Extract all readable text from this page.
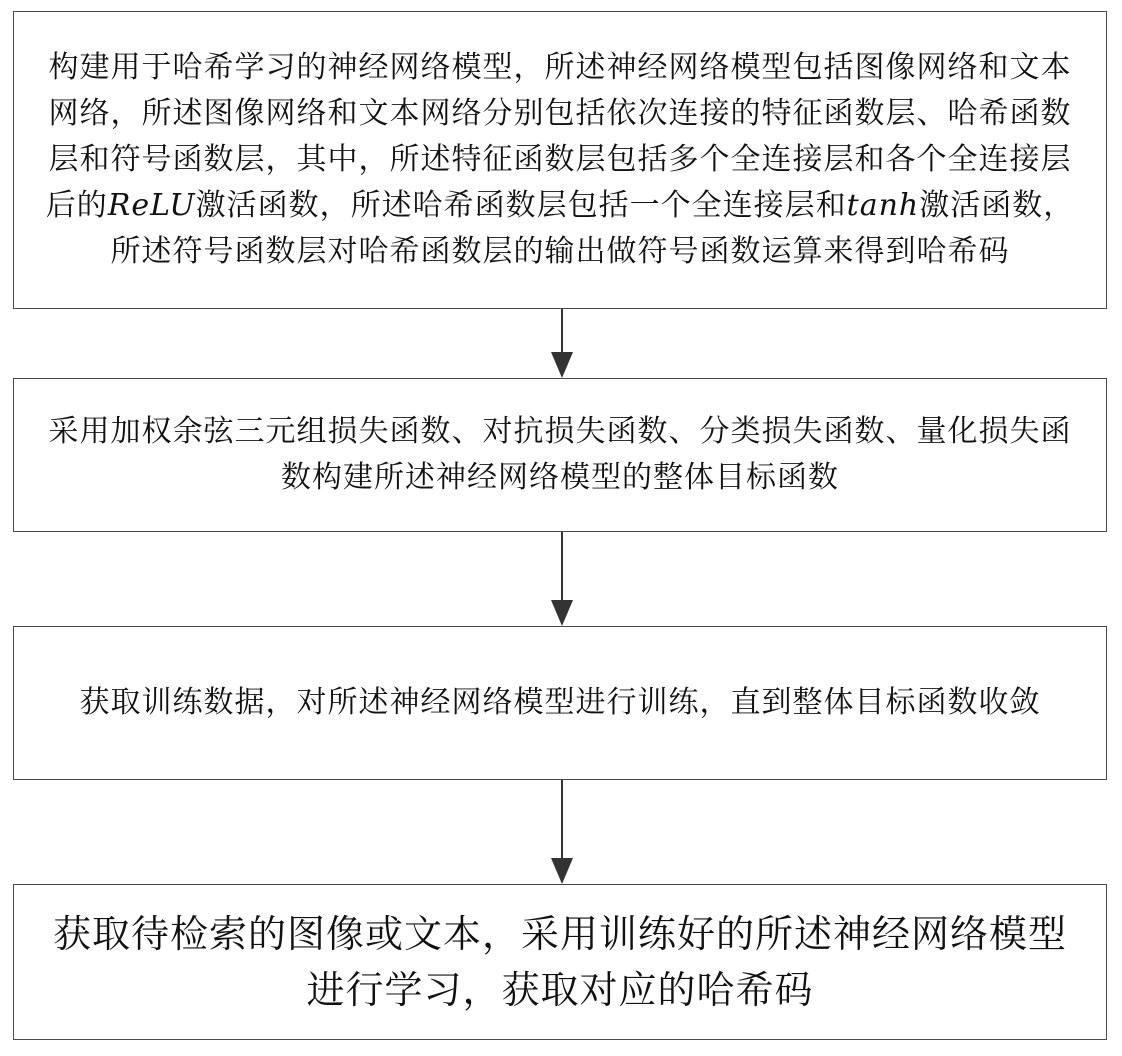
构建用于哈希学习的神经网络模型，所述神经网络模型包括图像网络和文本网络，所述图像网络和文本网络分别包括依次连接的特征函数层、哈希函数层和符号函数层，其中，所述特征函数层包括多个全连接层和各个全连接层后的ReLU激活函数，所述哈希函数层包括一个全连接层和tanh激活函数，所述符号函数层对哈希函数层的输出做符号函数运算来得到哈希码
采用加权余弦三元组损失函数、对抗损失函数、分类损失函数、量化损失函数构建所述神经网络模型的整体目标函数
获取训练数据，对所述神经网络模型进行训练，直到整体目标函数收敛
获取待检索的图像或文本，采用训练好的所述神经网络模型进行学习，获取对应的哈希码
